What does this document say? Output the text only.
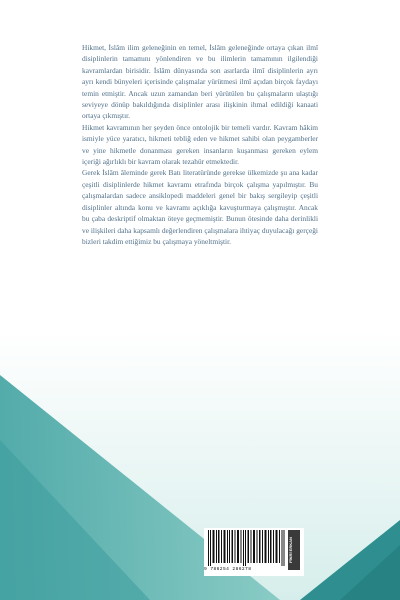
Hikmet, İslâm ilim geleneğinin en temel, İslâm geleneğinde ortaya çıkan ilmî disiplinlerin tamamını yönlendiren ve bu ilimlerin tamamının ilgilendiği kavramlardan birisidir. İslâm dünyasında son asırlarda ilmî disiplinlerin ayrı ayrı kendi bünyeleri içerisinde çalışmalar yürütmesi ilmî açıdan birçok faydayı temin etmiştir. Ancak uzun zamandan beri yürütülen bu çalışmaların ulaştığı seviyeye dönüp bakıldığında disiplinler arası ilişkinin ihmal edildiği kanaati ortaya çıkmıştır.

Hikmet kavramının her şeyden önce ontolojik bir temeli vardır. Kavram hâkim ismiyle yüce yaratıcı, hikmeti tebliğ eden ve hikmet sahibi olan peygamberler ve yine hikmetle donanması gereken insanların kuşanması gereken eylem içeriği ağırlıklı bir kavram olarak tezahür etmektedir.

Gerek İslâm âleminde gerek Batı literatüründe gerekse ülkemizde şu ana kadar çeşitli disiplinlerde hikmet kavramı etrafında birçok çalışma yapılmıştır. Bu çalışmalardan sadece ansiklopedi maddeleri genel bir bakış sergileyip çeşitli disiplinler altında konu ve kavramı açıklığa kavuşturmaya çalışmıştır. Ancak bu çaba deskriptif olmaktan öteye geçmemiştir. Bunun ötesinde daha derinlikli ve ilişkileri daha kapsamlı değerlendiren çalışmalara ihtiyaç duyulacağı gerçeği bizleri takdim ettiğimiz bu çalışmaya yöneltmiştir.

9 786254 286278
FİKRİ ERKAN
